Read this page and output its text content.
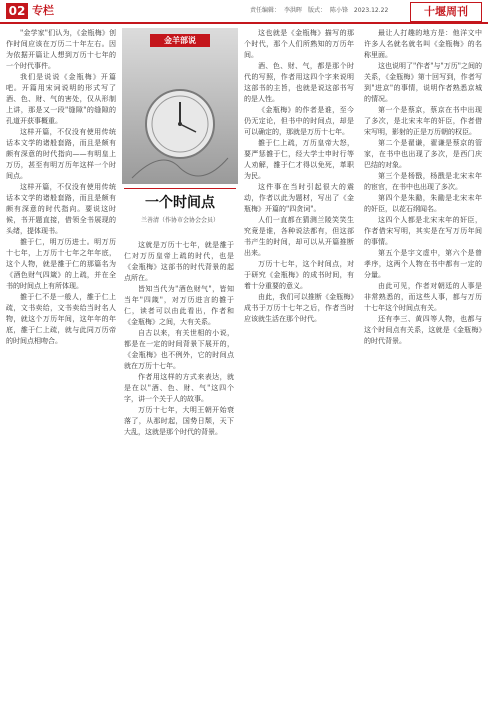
02 专栏	责任编辑： 李洪晖 版式： 陈小锋 2023.12.22	十堰周刊

"金学家"们认为，《金瓶梅》创作时间应该在万历二十年左右。因为依据开篇让人想到万历十七年的一个时代事件。

我们是说说《金瓶梅》开篇吧。开篇用宋词说明的形式写了酒、色、财、气的害处，仅从形制上讲，那是又一段"缝隙"的缝隙的孔道开获事概重。

这样开篇，不仅没有使用传统话本文学的诸般套路，而且是颇有颇有深意的时代指向——有明皇上万历，甚至有明万历年这样一个时间点。

这样开篇，不仅没有使用传统话本文学的诸般套路，而且是颇有颇有深意的时代指向。要说这时候，书开题直接，借领全书展现的头绪，提体现书。

雒于仁，明万历进士。明万历十七年，上万历十七年之年年底，这个人物，就是雒于仁的那篇名为《酒色财气四箴》的上疏，并在全书的时间点上有所体现。

雒于仁不是一般人，雒于仁上疏，文书卖给，文书卖给当时名人物，就这个万历年间，这年年的年底，雒于仁上疏，就与此同万历帝的时间点相吻合。

金羊部说
一个时间点
兰善清（作协市会协会会员）

这就是万历十七年，就是雒于仁对万历皇帝上疏的时代，也是《金瓶梅》这部书的时代背景的起点所在。

皆知当代为"酒色财气"，皆知当年"四箴"，对万历进言的雒于仁，读者可以由此看出，作者和《金瓶梅》之间，大有关系。

自古以来，有关世相的小说，都是在一定的时间背景下展开的，《金瓶梅》也不例外，它的时间点就在万历十七年。

作者用这样的方式来表达，就是在以"酒、色、财、气"这四个字，讲一个关于人的故事。

万历十七年，大明王朝开始衰落了，从那时起，国势日颓，天下大乱，这就是那个时代的背景。

这也就是《金瓶梅》描写的那个时代，那个人们所熟知的万历年间。

酒、色、财、气，都是那个时代的写照，作者用这四个字来说明这部书的主旨，也就是说这部书写的是人性。

《金瓶梅》的作者是谁，至今仍无定论，但书中的时间点，却是可以确定的，那就是万历十七年。

雒于仁上疏，万历皇帝大怒，要严惩雒于仁，经大学士申时行等人劝解，雒于仁才得以免死，革职为民。

这件事在当时引起很大的震动，作者以此为题材，写出了《金瓶梅》开篇的"四贪词"。

人们一直都在猜测兰陵笑笑生究竟是谁，各种说法都有，但这部书产生的时间，却可以从开篇推断出来。

万历十七年，这个时间点，对于研究《金瓶梅》的成书时间，有着十分重要的意义。

由此，我们可以推断《金瓶梅》成书于万历十七年之后，作者当时应该就生活在那个时代。

最让人打趣的地方是：他洋文中许多人名就名就名叫《金瓶梅》的名称里面。

这也说明了"作者"与"万历"之间的关系，《金瓶梅》第十回写到，作者写到"进京"的事情，说明作者熟悉京城的情况。

第一个是蔡京，蔡京在书中出现了多次，是北宋末年的奸臣，作者借宋写明，影射的正是万历朝的权臣。

第二个是翟谦，翟谦是蔡京的管家，在书中也出现了多次，是西门庆巴结的对象。

第三个是杨戬，杨戬是北宋末年的宦官，在书中也出现了多次。

第四个是朱勔，朱勔是北宋末年的奸臣，以花石纲闻名。

这四个人都是北宋末年的奸臣，作者借宋写明，其实是在写万历年间的事情。

第五个是宇文虚中，第六个是曾孝序，这两个人物在书中都有一定的分量。

由此可见，作者对朝廷的人事是非常熟悉的，而这些人事，都与万历十七年这个时间点有关。

还有李三、黄四等人物，也都与这个时间点有关系，这就是《金瓶梅》的时代背景。
